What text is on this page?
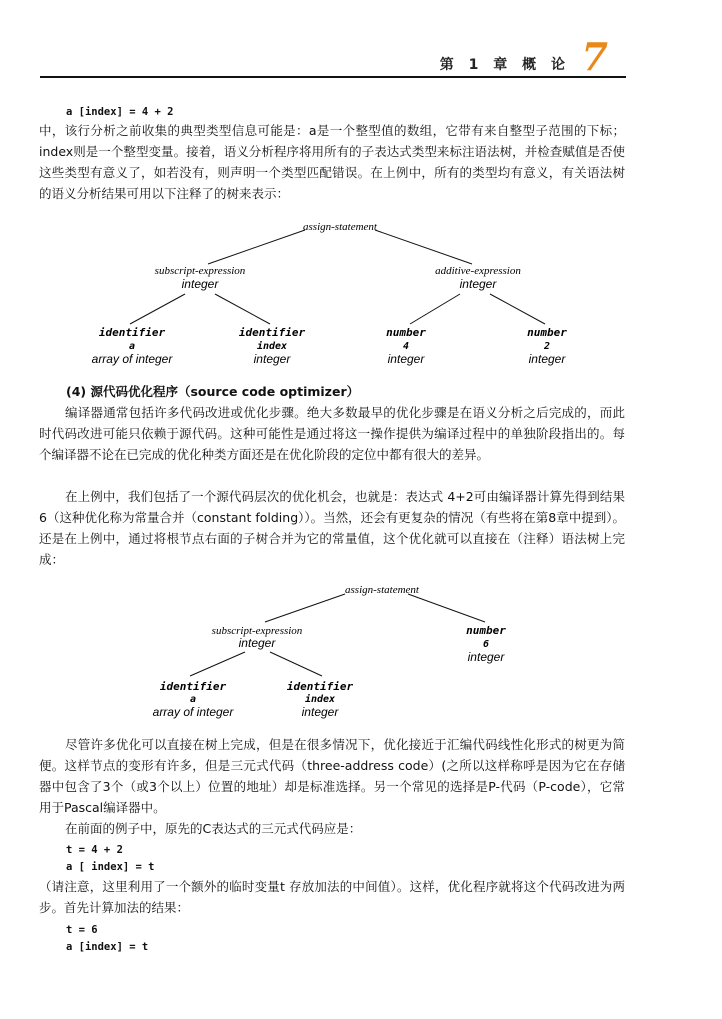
第 1 章 概 论 7
a [index] = 4 + 2
中，该行分析之前收集的典型类型信息可能是：a是一个整型值的数组，它带有来自整型子范围的下标；index则是一个整型变量。接着，语义分析程序将用所有的子表达式类型来标注语法树，并检查赋值是否使这些类型有意义了，如若没有，则声明一个类型匹配错误。在上例中，所有的类型均有意义，有关语法树的语义分析结果可用以下注释了的树来表示：
assign-statement
subscript-expression
integer
additive-expression
integer
identifier
a
array of integer
identifier
index
integer
number
4
integer
number
2
integer
(4) 源代码优化程序（source code optimizer）
编译器通常包括许多代码改进或优化步骤。绝大多数最早的优化步骤是在语义分析之后完成的，而此时代码改进可能只依赖于源代码。这种可能性是通过将这一操作提供为编译过程中的单独阶段指出的。每个编译器不论在已完成的优化种类方面还是在优化阶段的定位中都有很大的差异。
在上例中，我们包括了一个源代码层次的优化机会，也就是：表达式 4+2可由编译器计算先得到结果6（这种优化称为常量合并（constant folding））。当然，还会有更复杂的情况（有些将在第8章中提到）。还是在上例中，通过将根节点右面的子树合并为它的常量值，这个优化就可以直接在（注释）语法树上完成：
assign-statement
subscript-expression
integer
number
6
integer
identifier
a
array of integer
identifier
index
integer
尽管许多优化可以直接在树上完成，但是在很多情况下，优化接近于汇编代码线性化形式的树更为简便。这样节点的变形有许多，但是三元式代码（three-address code）(之所以这样称呼是因为它在存储器中包含了3个（或3个以上）位置的地址）却是标准选择。另一个常见的选择是P-代码（P-code），它常用于Pascal编译器中。
在前面的例子中，原先的C表达式的三元式代码应是：
t = 4 + 2
a [ index] = t
（请注意，这里利用了一个额外的临时变量t 存放加法的中间值）。这样，优化程序就将这个代码改进为两步。首先计算加法的结果：
t = 6
a [index] = t
